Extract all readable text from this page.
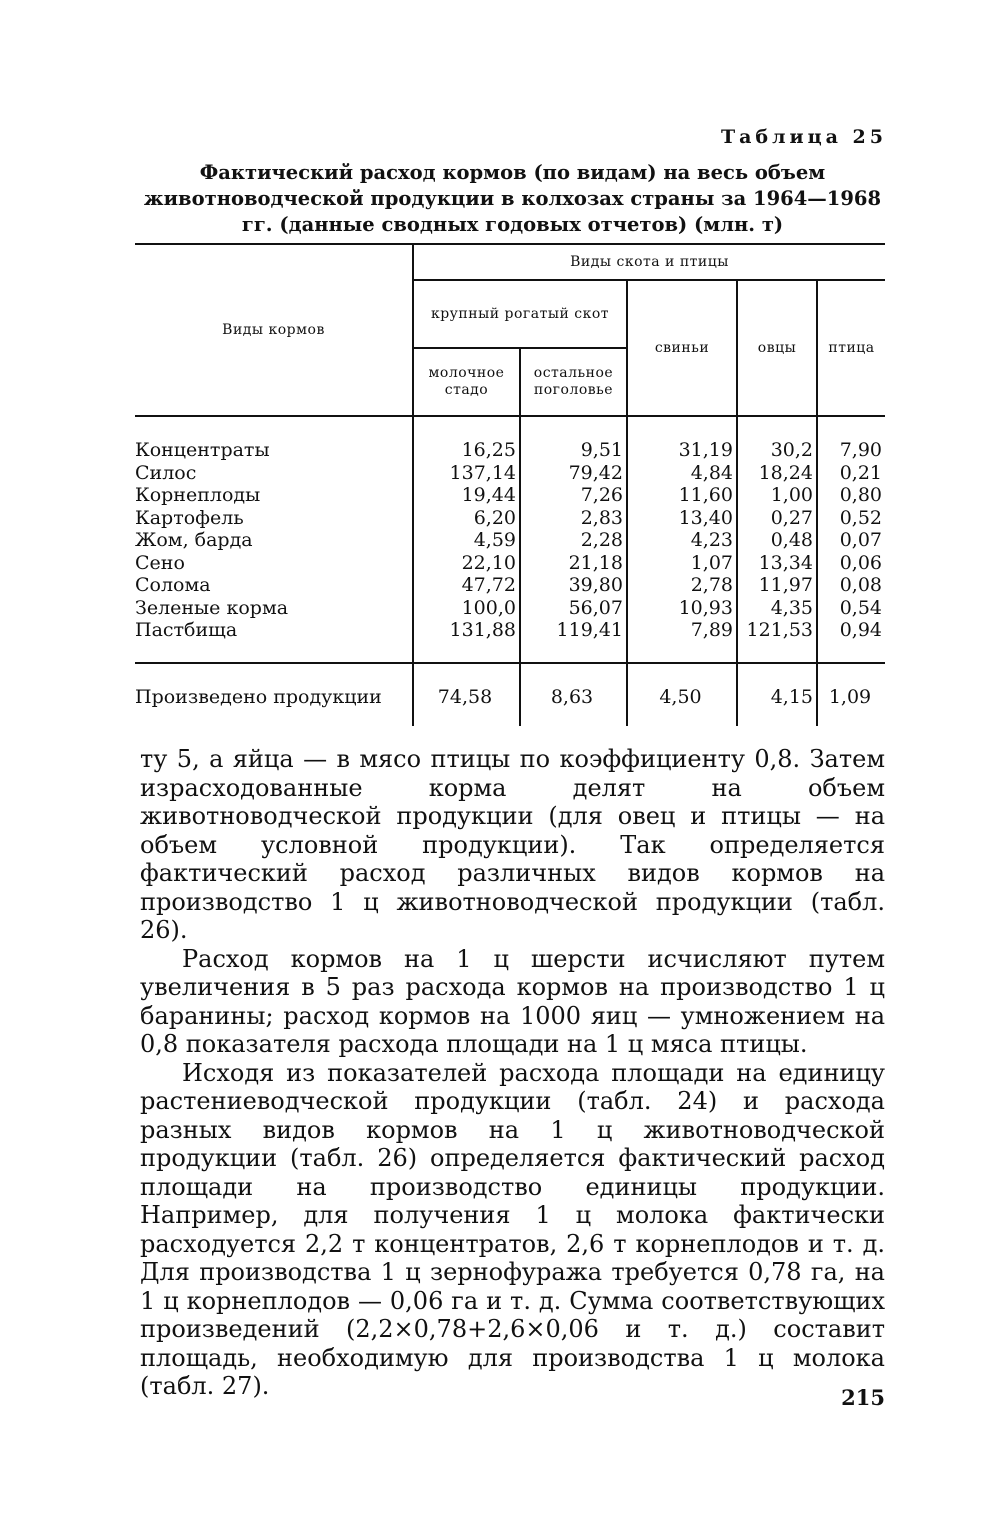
Таблица 25
Фактический расход кормов (по видам) на весь объем животноводческой продукции в колхозах страны за 1964—1968 гг. (данные сводных годовых отчетов) (млн. т)
Виды кормов	Виды скота и птицы				
	крупный рогатый скот		свиньи	овцы	птица
	молочное стадо	остальное поголовье			
Концентраты	16,25	9,51	31,19	30,2	7,90
Силос	137,14	79,42	4,84	18,24	0,21
Корнеплоды	19,44	7,26	11,60	1,00	0,80
Картофель	6,20	2,83	13,40	0,27	0,52
Жом, барда	4,59	2,28	4,23	0,48	0,07
Сено	22,10	21,18	1,07	13,34	0,06
Солома	47,72	39,80	2,78	11,97	0,08
Зеленые корма	100,0	56,07	10,93	4,35	0,54
Пастбища	131,88	119,41	7,89	121,53	0,94
Произведено продукции	74,58	8,63	4,50	4,15	1,09

ту 5, а яйца — в мясо птицы по коэффициенту 0,8. Затем израсходованные корма делят на объем животноводческой продукции (для овец и птицы — на объем условной продукции). Так определяется фактический расход различных видов кормов на производство 1 ц животноводческой продукции (табл. 26).

Расход кормов на 1 ц шерсти исчисляют путем увеличения в 5 раз расхода кормов на производство 1 ц баранины; расход кормов на 1000 яиц — умножением на 0,8 показателя расхода площади на 1 ц мяса птицы.

Исходя из показателей расхода площади на единицу растениеводческой продукции (табл. 24) и расхода разных видов кормов на 1 ц животноводческой продукции (табл. 26) определяется фактический расход площади на производство единицы продукции. Например, для получения 1 ц молока фактически расходуется 2,2 т концентратов, 2,6 т корнеплодов и т. д. Для производства 1 ц зернофуража требуется 0,78 га, на 1 ц корнеплодов — 0,06 га и т. д. Сумма соответствующих произведений (2,2×0,78+2,6×0,06 и т. д.) составит площадь, необходимую для производства 1 ц молока (табл. 27).	215
